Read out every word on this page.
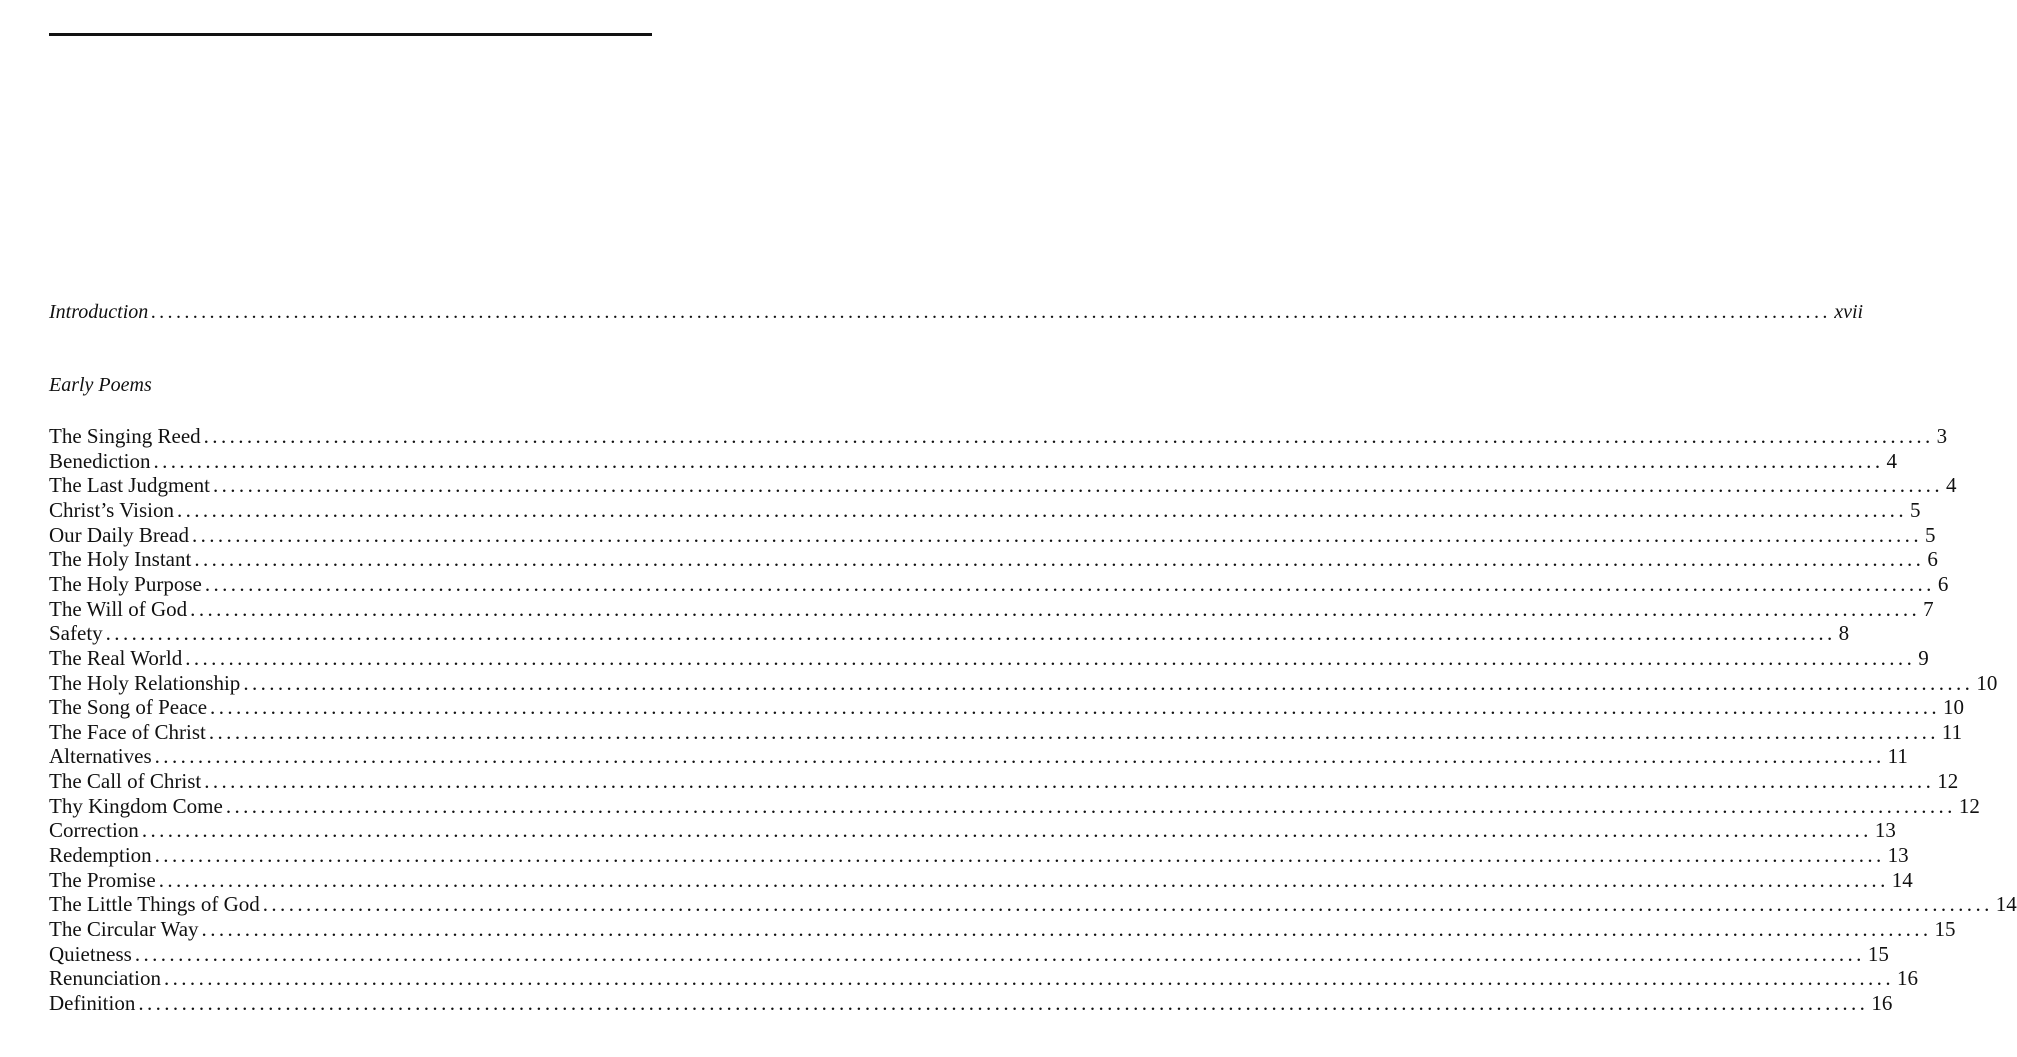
Introduction ........................................................................................................................................................................................................ xvii
Early Poems
The Singing Reed ........................................................................................................................................................................................................ 3
Benediction ........................................................................................................................................................................................................ 4
The Last Judgment ........................................................................................................................................................................................................ 4
Christ’s Vision ........................................................................................................................................................................................................ 5
Our Daily Bread ........................................................................................................................................................................................................ 5
The Holy Instant ........................................................................................................................................................................................................ 6
The Holy Purpose ........................................................................................................................................................................................................ 6
The Will of God ........................................................................................................................................................................................................ 7
Safety ........................................................................................................................................................................................................ 8
The Real World ........................................................................................................................................................................................................ 9
The Holy Relationship ........................................................................................................................................................................................................ 10
The Song of Peace ........................................................................................................................................................................................................ 10
The Face of Christ ........................................................................................................................................................................................................ 11
Alternatives ........................................................................................................................................................................................................ 11
The Call of Christ ........................................................................................................................................................................................................ 12
Thy Kingdom Come ........................................................................................................................................................................................................ 12
Correction ........................................................................................................................................................................................................ 13
Redemption ........................................................................................................................................................................................................ 13
The Promise ........................................................................................................................................................................................................ 14
The Little Things of God ........................................................................................................................................................................................................ 14
The Circular Way ........................................................................................................................................................................................................ 15
Quietness ........................................................................................................................................................................................................ 15
Renunciation ........................................................................................................................................................................................................ 16
Definition ........................................................................................................................................................................................................ 16
